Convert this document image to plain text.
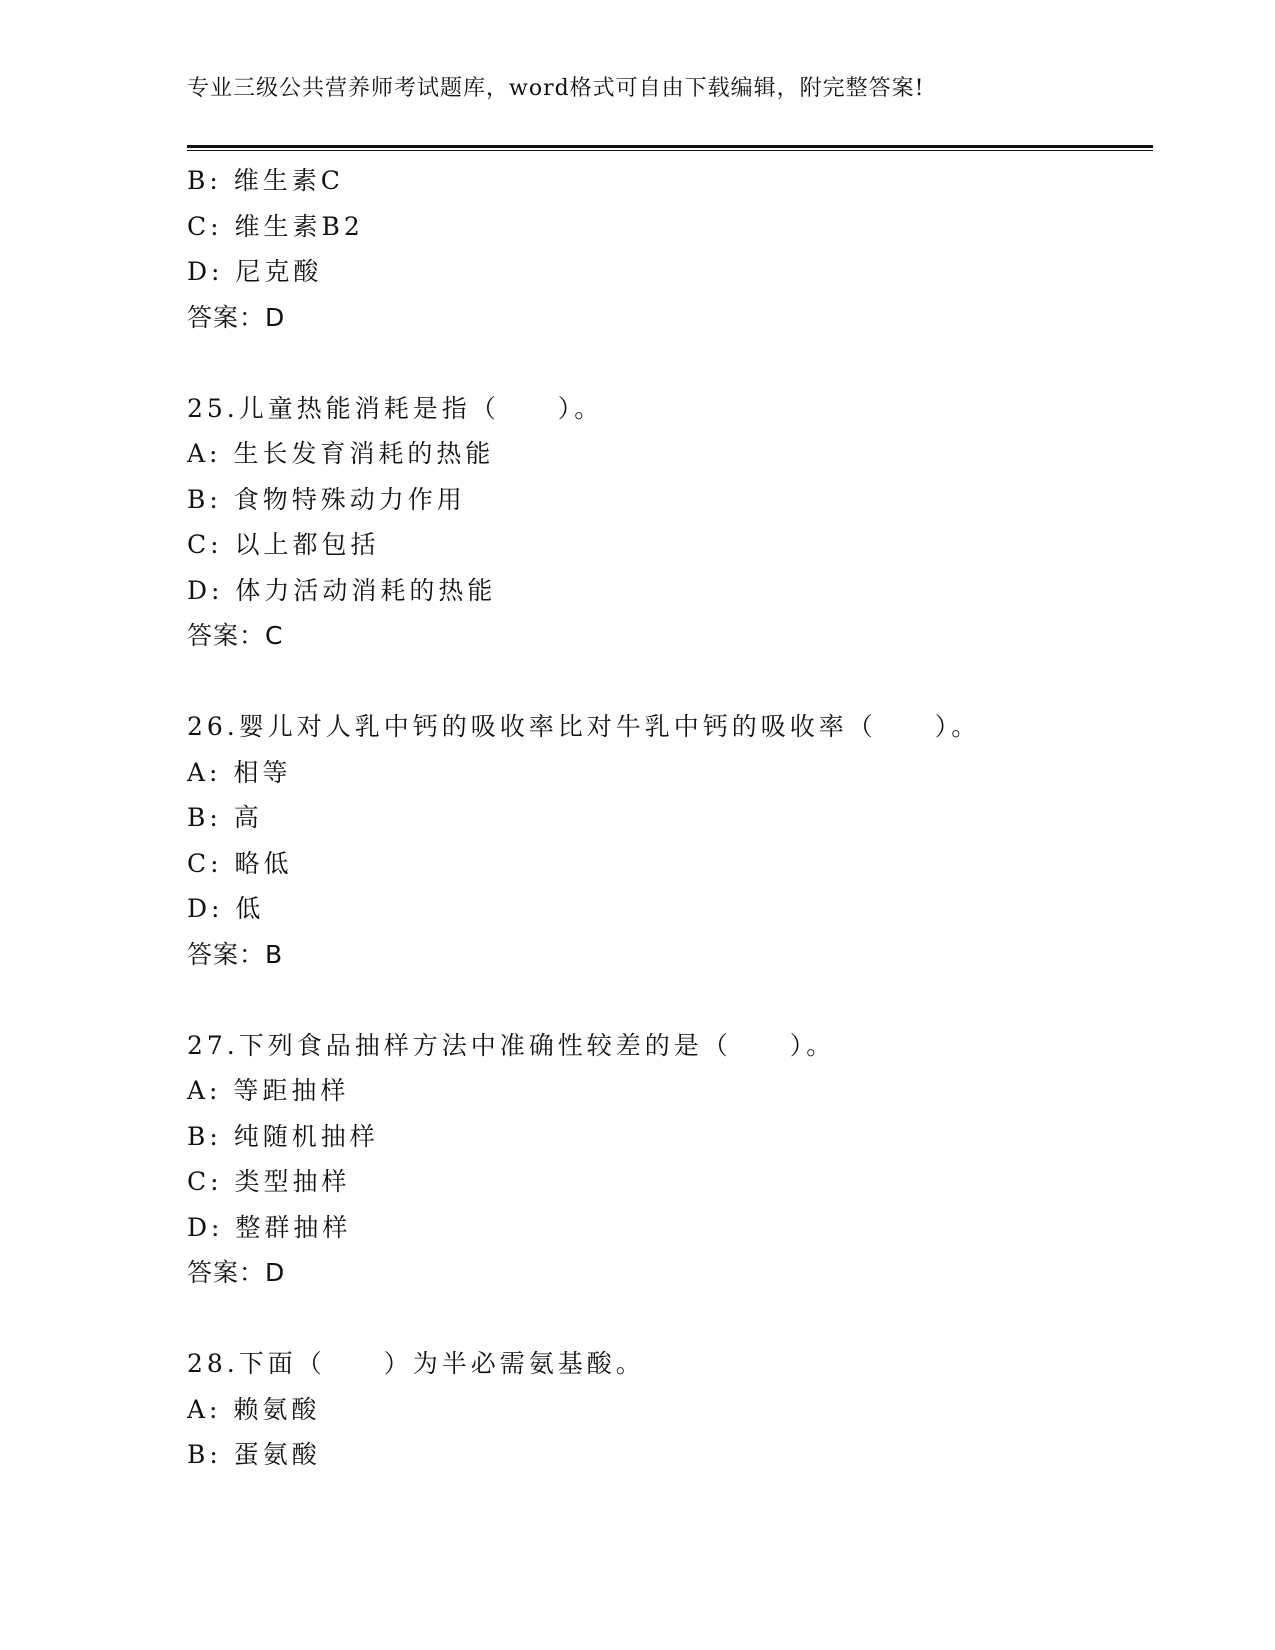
专业三级公共营养师考试题库，word格式可自由下载编辑，附完整答案!
B: 维生素C
C: 维生素B2
D: 尼克酸
答案：D
25.儿童热能消耗是指（　　）。
A: 生长发育消耗的热能
B: 食物特殊动力作用
C: 以上都包括
D: 体力活动消耗的热能
答案：C
26.婴儿对人乳中钙的吸收率比对牛乳中钙的吸收率（　　）。
A: 相等
B: 高
C: 略低
D: 低
答案：B
27.下列食品抽样方法中准确性较差的是（　　）。
A: 等距抽样
B: 纯随机抽样
C: 类型抽样
D: 整群抽样
答案：D
28.下面（　　）为半必需氨基酸。
A: 赖氨酸
B: 蛋氨酸
